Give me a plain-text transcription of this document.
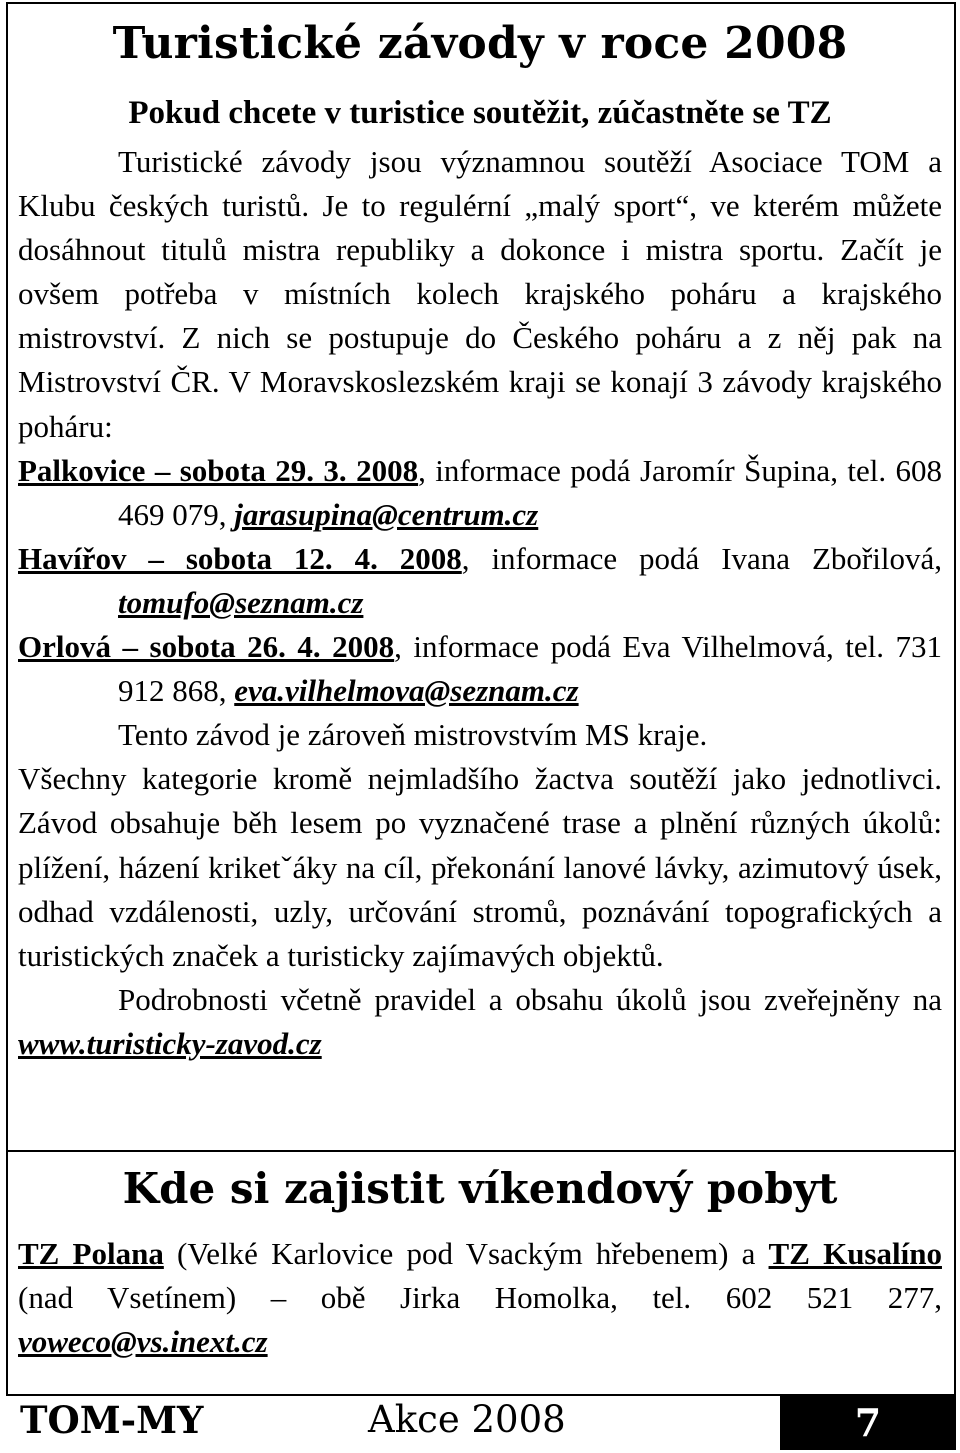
Turistické závody v roce 2008
Pokud chcete v turistice soutěžit, zúčastněte se TZ
Turistické závody jsou významnou soutěží Asociace TOM a Klubu českých turistů. Je to regulérní „malý sport“, ve kterém můžete dosáhnout titulů mistra republiky a dokonce i mistra sportu. Začít je ovšem potřeba v místních kolech krajského poháru a krajského mistrovství. Z nich se postupuje do Českého poháru a z něj pak na Mistrovství ČR. V Moravskoslezském kraji se konají 3 závody krajského poháru:
Palkovice – sobota 29. 3. 2008, informace podá Jaromír Šupina, tel. 608 469 079, jarasupina@centrum.cz
Havířov – sobota 12. 4. 2008, informace podá Ivana Zbořilová, tomufo@seznam.cz
Orlová – sobota 26. 4. 2008, informace podá Eva Vilhelmová, tel. 731 912 868, eva.vilhelmova@seznam.cz
Tento závod je zároveň mistrovstvím MS kraje.
Všechny kategorie kromě nejmladšího žactva soutěží jako jednotlivci. Závod obsahuje běh lesem po vyznačené trase a plnění různých úkolů: plížení, házení kriketˇáky na cíl, překonání lanové lávky, azimutový úsek, odhad vzdálenosti, uzly, určování stromů, poznávání topografických a turistických značek a turisticky zajímavých objektů.
Podrobnosti včetně pravidel a obsahu úkolů jsou zveřejněny na www.turisticky-zavod.cz
Kde si zajistit víkendový pobyt
TZ Polana (Velké Karlovice pod Vsackým hřebenem) a TZ Kusalíno (nad Vsetínem) – obě Jirka Homolka, tel. 602 521 277, voweco@vs.inext.cz
TOM-MY	Akce 2008	7
